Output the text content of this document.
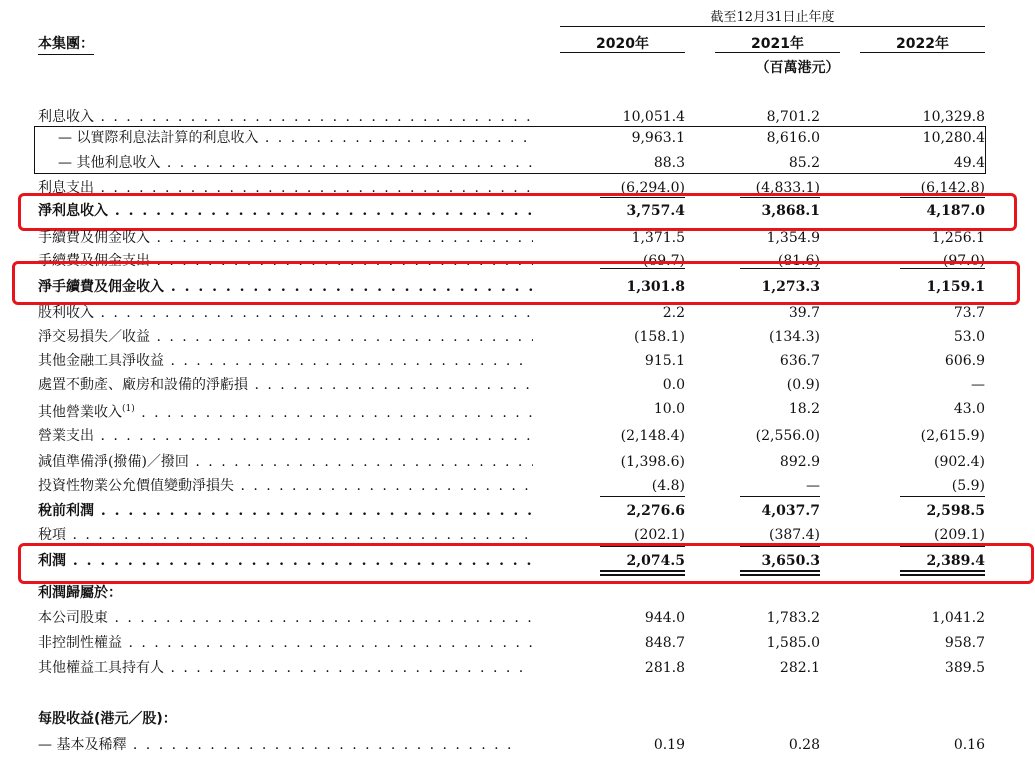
截至12月31日止年度
本集團：	2020年	2021年	2022年
（百萬港元）
利息收入 . . .	10,051.4	8,701.2	10,329.8
— 以實際利息法計算的利息收入 . . .	9,963.1	8,616.0	10,280.4
— 其他利息收入 . . .	88.3	85.2	49.4
利息支出 . . .	(6,294.0)	(4,833.1)	(6,142.8)
淨利息收入 . . .	3,757.4	3,868.1	4,187.0
手續費及佣金收入 . . .	1,371.5	1,354.9	1,256.1
手續費及佣金支出 . . .	(69.7)	(81.6)	(97.0)
淨手續費及佣金收入 . . .	1,301.8	1,273.3	1,159.1
股利收入 . . .	2.2	39.7	73.7
淨交易損失／收益 . . .	(158.1)	(134.3)	53.0
其他金融工具淨收益 . . .	915.1	636.7	606.9
處置不動產、廠房和設備的淨虧損 . . .	0.0	(0.9)	—
其他營業收入$^{(1)}$ . . .	10.0	18.2	43.0
營業支出 . . .	(2,148.4)	(2,556.0)	(2,615.9)
減值準備淨(撥備)／撥回 . . .	(1,398.6)	892.9	(902.4)
投資性物業公允價值變動淨損失 . . .	(4.8)	—	(5.9)
稅前利潤 . . .	2,276.6	4,037.7	2,598.5
稅項 . . .	(202.1)	(387.4)	(209.1)
利潤 . . .	2,074.5	3,650.3	2,389.4
利潤歸屬於：
本公司股東 . . .	944.0	1,783.2	1,041.2
非控制性權益 . . .	848.7	1,585.0	958.7
其他權益工具持有人 . . .	281.8	282.1	389.5
每股收益(港元／股)：
— 基本及稀釋 . . .	0.19	0.28	0.16
